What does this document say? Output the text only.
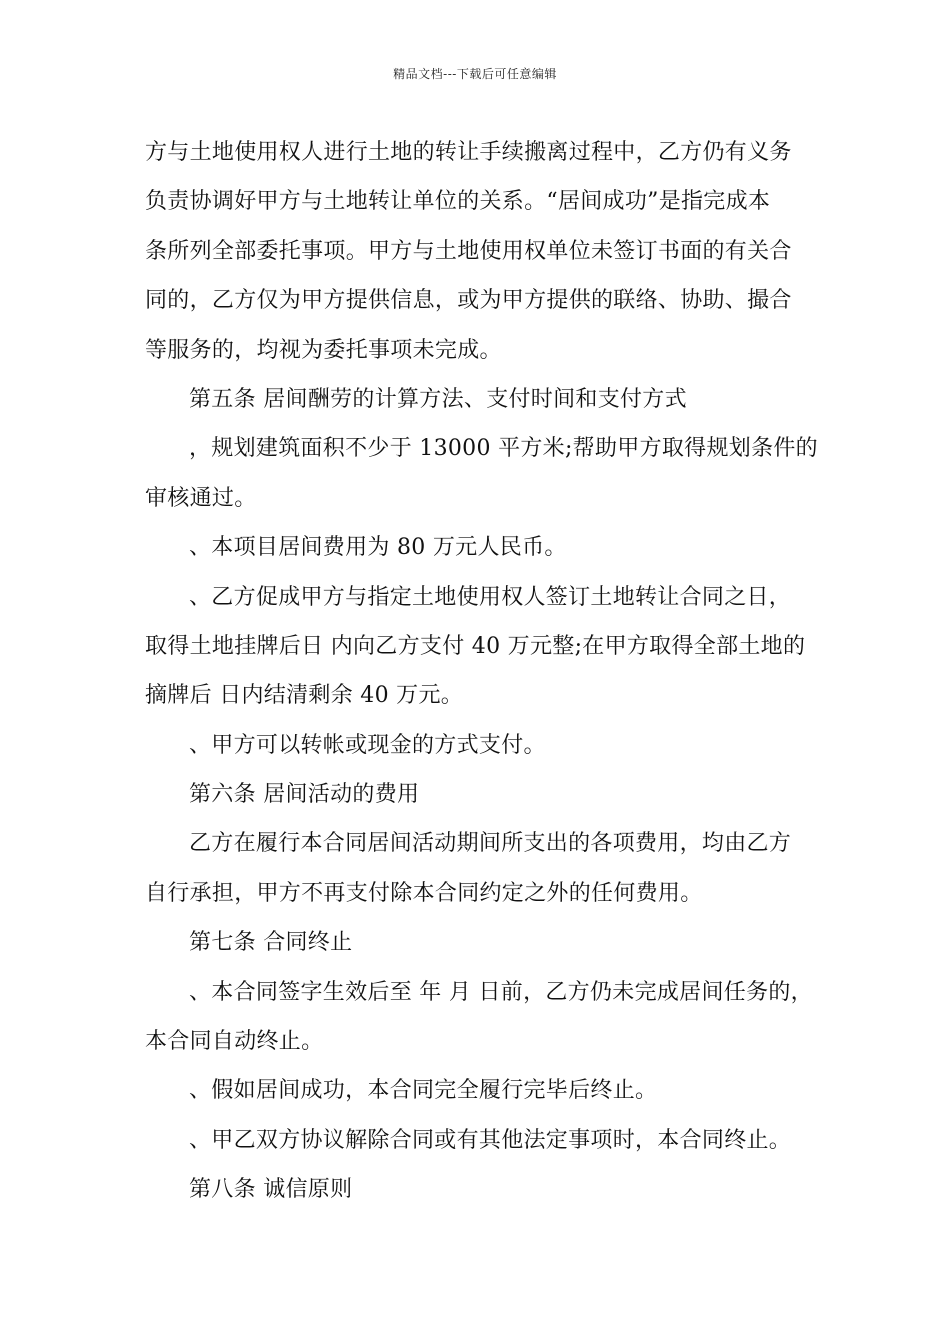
精品文档---下载后可任意编辑
方与土地使用权人进行土地的转让手续搬离过程中，乙方仍有义务
负责协调好甲方与土地转让单位的关系。“居间成功”是指完成本
条所列全部委托事项。甲方与土地使用权单位未签订书面的有关合
同的，乙方仅为甲方提供信息，或为甲方提供的联络、协助、撮合
等服务的，均视为委托事项未完成。
第五条 居间酬劳的计算方法、支付时间和支付方式
，规划建筑面积不少于 13000 平方米;帮助甲方取得规划条件的
审核通过。
、本项目居间费用为 80 万元人民币。
、乙方促成甲方与指定土地使用权人签订土地转让合同之日，
取得土地挂牌后日 内向乙方支付 40 万元整;在甲方取得全部土地的
摘牌后 日内结清剩余 40 万元。
、甲方可以转帐或现金的方式支付。
第六条 居间活动的费用
乙方在履行本合同居间活动期间所支出的各项费用，均由乙方
自行承担，甲方不再支付除本合同约定之外的任何费用。
第七条 合同终止
、本合同签字生效后至 年 月 日前，乙方仍未完成居间任务的，
本合同自动终止。
、假如居间成功，本合同完全履行完毕后终止。
、甲乙双方协议解除合同或有其他法定事项时，本合同终止。
第八条 诚信原则
